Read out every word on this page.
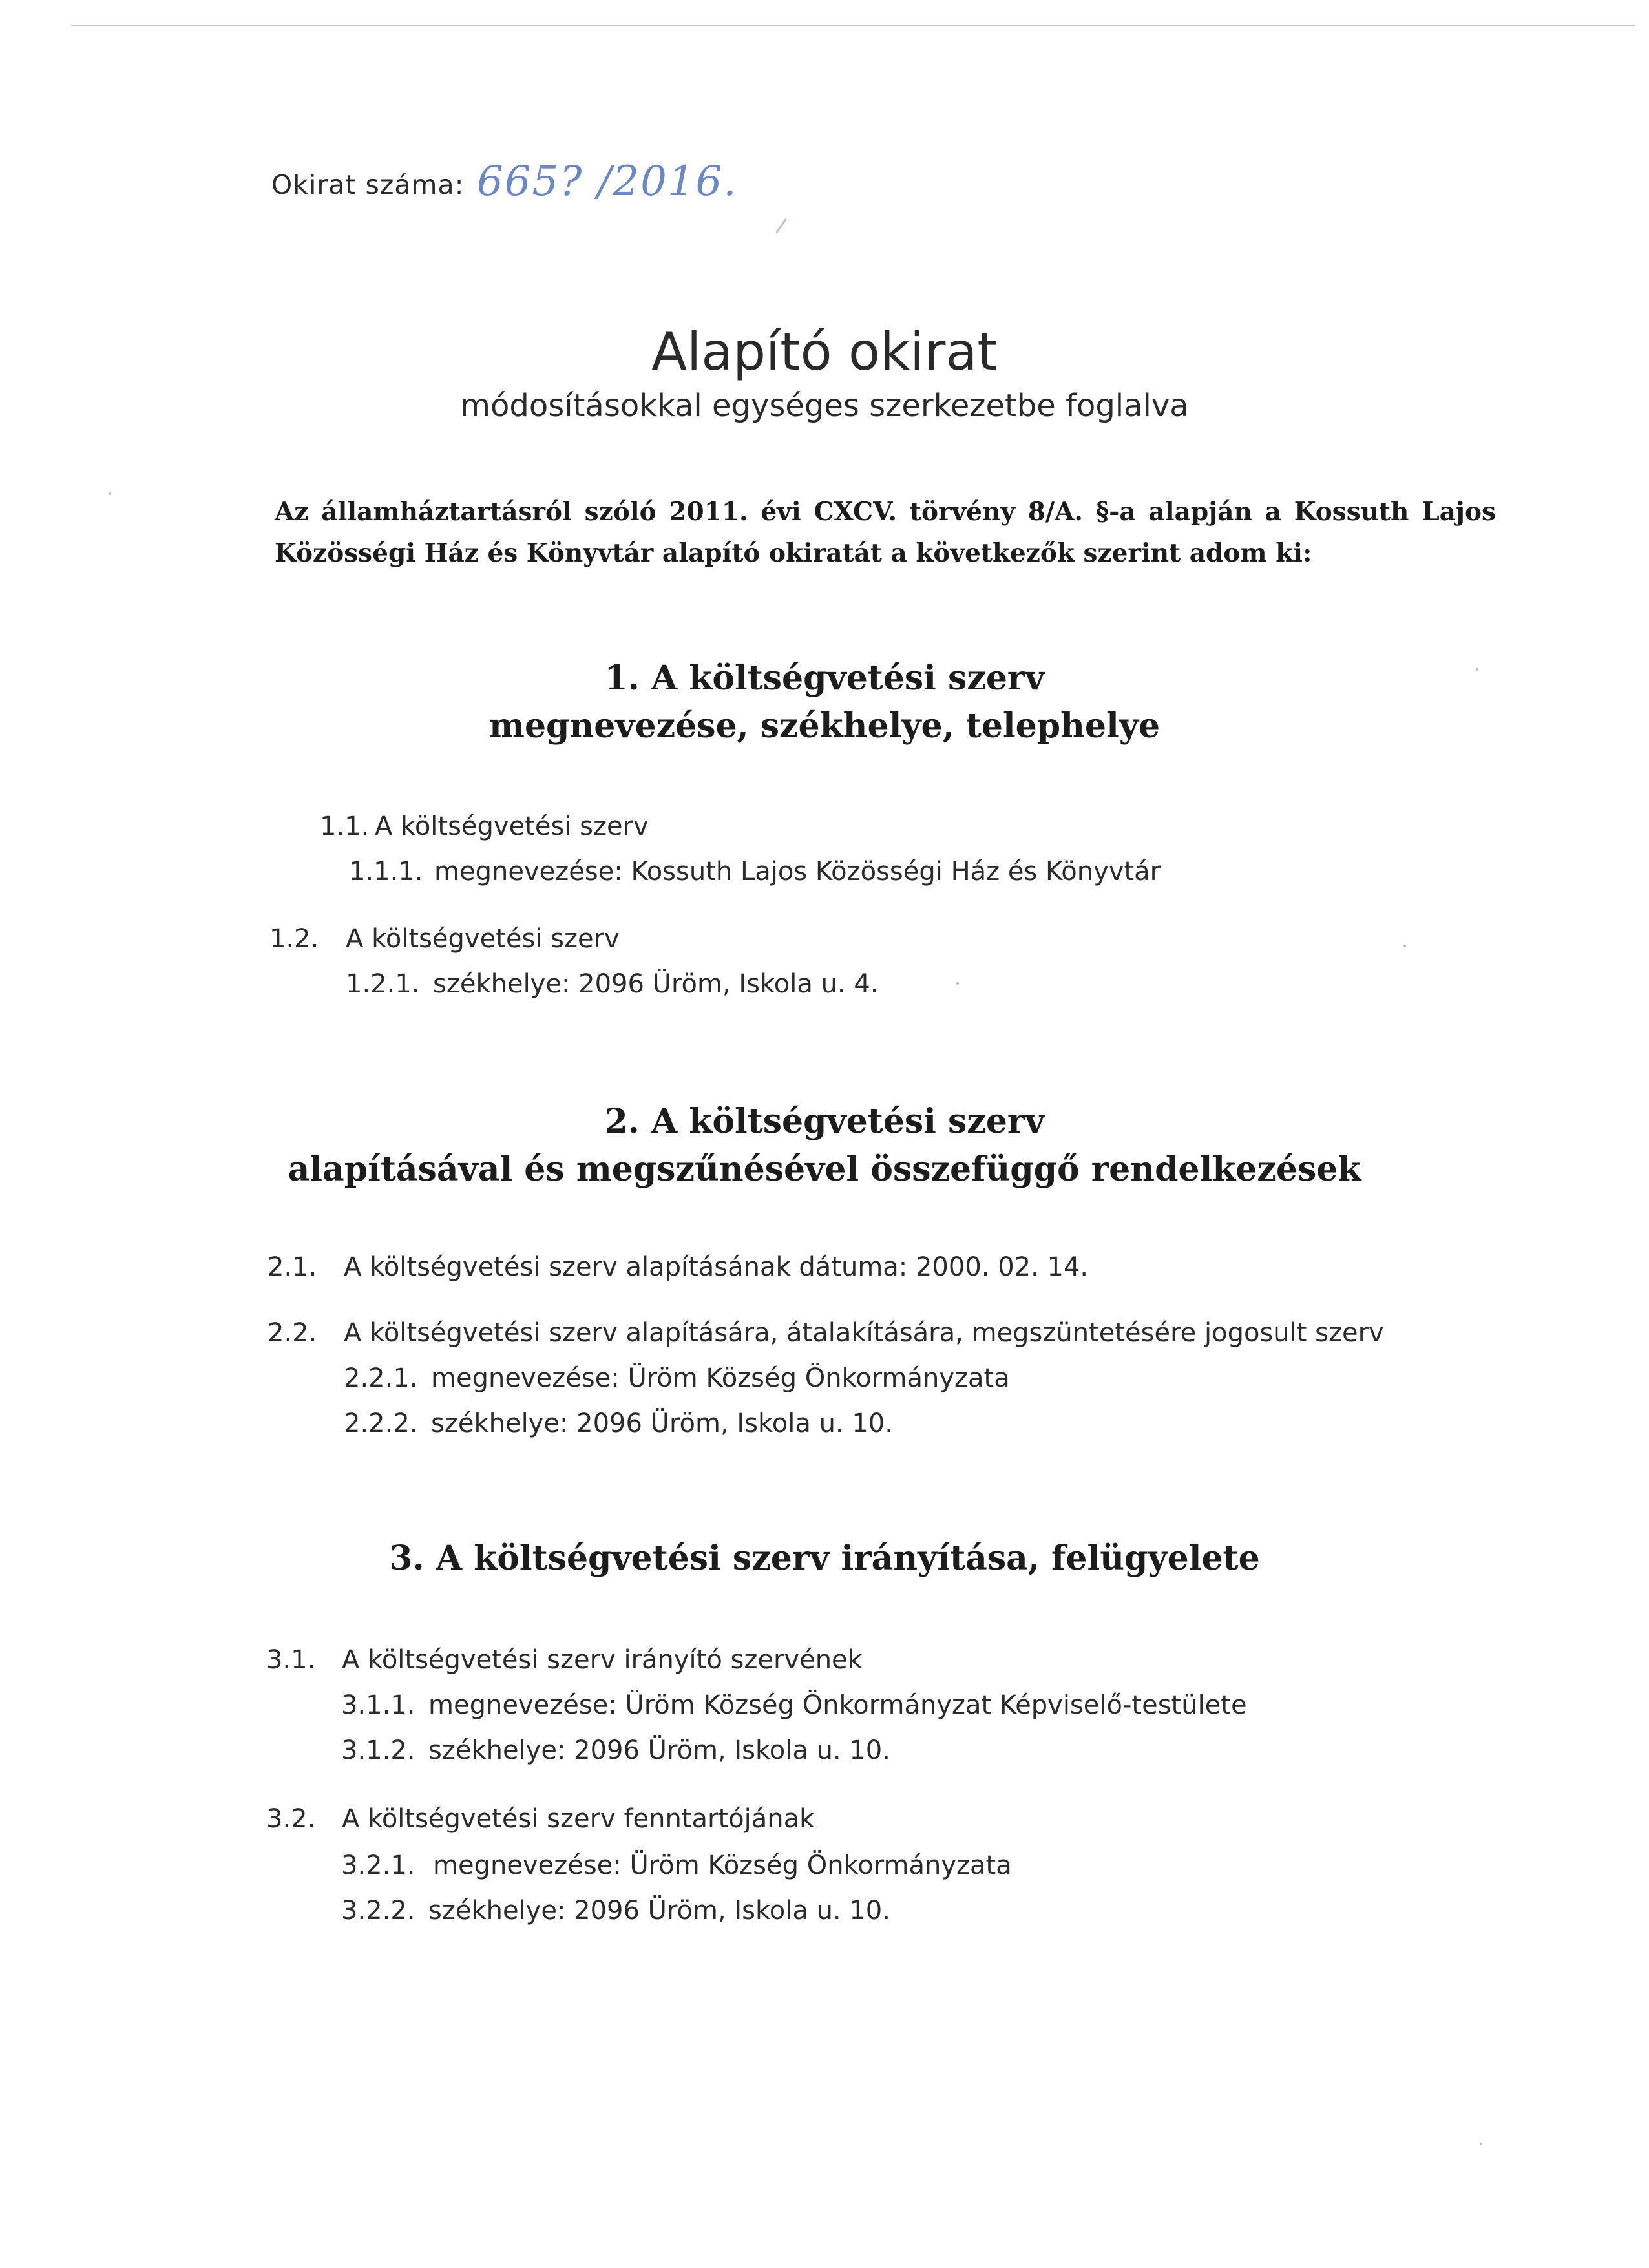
Okirat száma: 665? /2016.
Alapító okirat
módosításokkal egységes szerkezetbe foglalva
Az államháztartásról szóló 2011. évi CXCV. törvény 8/A. §-a alapján a Kossuth Lajos Közösségi Ház és Könyvtár alapító okiratát a következők szerint adom ki:
1. A költségvetési szerv
megnevezése, székhelye, telephelye
1.1. A költségvetési szerv
1.1.1. megnevezése: Kossuth Lajos Közösségi Ház és Könyvtár
1.2. A költségvetési szerv
1.2.1. székhelye: 2096 Üröm, Iskola u. 4.
2. A költségvetési szerv
alapításával és megszűnésével összefüggő rendelkezések
2.1. A költségvetési szerv alapításának dátuma: 2000. 02. 14.
2.2. A költségvetési szerv alapítására, átalakítására, megszüntetésére jogosult szerv
2.2.1. megnevezése: Üröm Község Önkormányzata
2.2.2. székhelye: 2096 Üröm, Iskola u. 10.
3. A költségvetési szerv irányítása, felügyelete
3.1. A költségvetési szerv irányító szervének
3.1.1. megnevezése: Üröm Község Önkormányzat Képviselő-testülete
3.1.2. székhelye: 2096 Üröm, Iskola u. 10.
3.2. A költségvetési szerv fenntartójának
3.2.1. megnevezése: Üröm Község Önkormányzata
3.2.2. székhelye: 2096 Üröm, Iskola u. 10.
